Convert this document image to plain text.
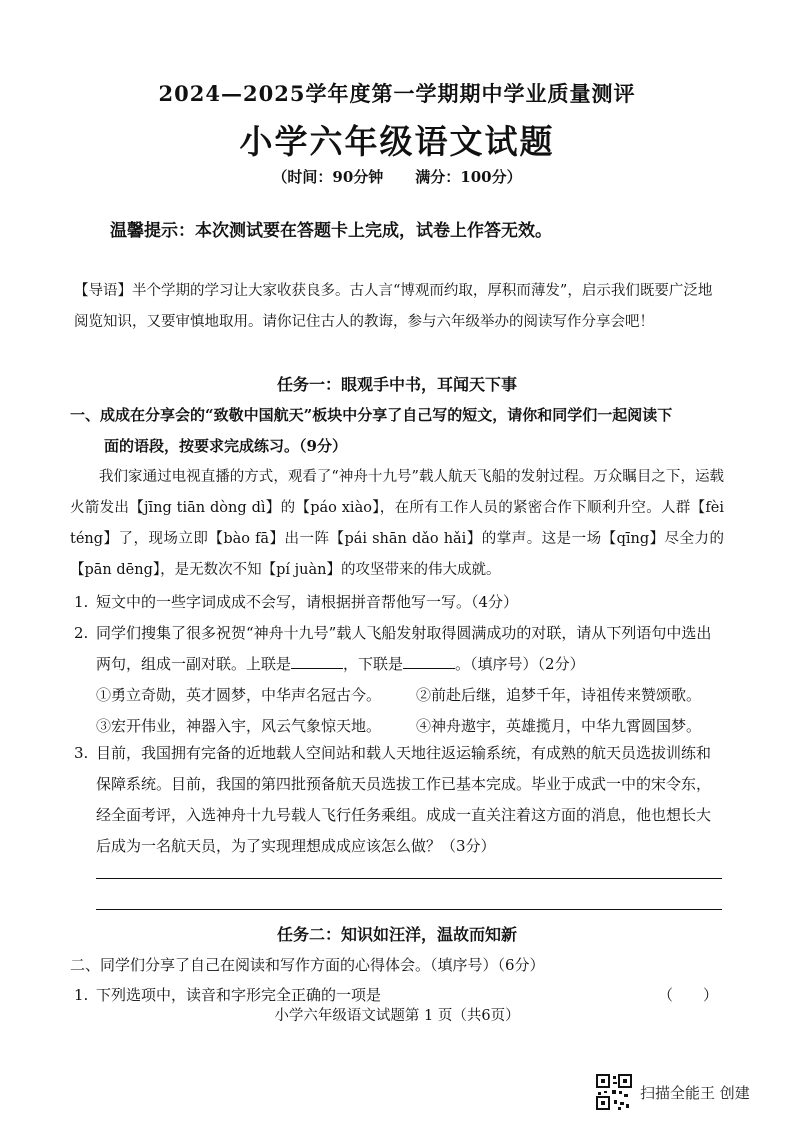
2024—2025学年度第一学期期中学业质量测评
小学六年级语文试题
（时间：90分钟 满分：100分）
温馨提示：本次测试要在答题卡上完成，试卷上作答无效。
【导语】半个学期的学习让大家收获良多。古人言“博观而约取，厚积而薄发”，启示我们既要广泛地阅览知识，又要审慎地取用。请你记住古人的教诲，参与六年级举办的阅读写作分享会吧！
任务一：眼观手中书，耳闻天下事
一、成成在分享会的“致敬中国航天”板块中分享了自己写的短文，请你和同学们一起阅读下
面的语段，按要求完成练习。（9分）

我们家通过电视直播的方式，观看了“神舟十九号”载人航天飞船的发射过程。万众瞩目之下，运载火箭发出【jīng tiān dòng dì】的【páo xiào】，在所有工作人员的紧密合作下顺利升空。人群【fèi téng】了，现场立即【bào fā】出一阵【pái shān dǎo hǎi】的掌声。这是一场【qīng】尽全力的【pān dēng】，是无数次不知【pí juàn】的攻坚带来的伟大成就。

1. 短文中的一些字词成成不会写，请根据拼音帮他写一写。（4分）
2. 同学们搜集了很多祝贺“神舟十九号”载人飞船发射取得圆满成功的对联，请从下列语句中选出两句，组成一副对联。上联是	，下联是	。（填序号）（2分）
①勇立奇勋，英才圆梦，中华声名冠古今。	②前赴后继，追梦千年，诗祖传来赞颂歌。
③宏开伟业，神器入宇，风云气象惊天地。	④神舟遨宇，英雄揽月，中华九霄圆国梦。
3. 目前，我国拥有完备的近地载人空间站和载人天地往返运输系统，有成熟的航天员选拔训练和保障系统。目前，我国的第四批预备航天员选拔工作已基本完成。毕业于成武一中的宋令东，经全面考评，入选神舟十九号载人飞行任务乘组。成成一直关注着这方面的消息，他也想长大后成为一名航天员，为了实现理想成成应该怎么做？（3分）
任务二：知识如汪洋，温故而知新
二、同学们分享了自己在阅读和写作方面的心得体会。（填序号）（6分）
1. 下列选项中，读音和字形完全正确的一项是	（　　）
小学六年级语文试题第 1 页（共6页）
扫描全能王 创建
